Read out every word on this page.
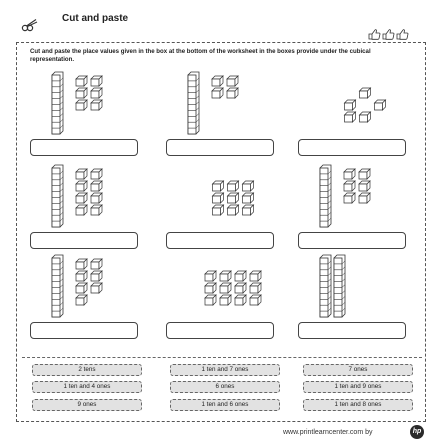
Cut and paste
Cut and paste the place values given in the box at the bottom of the worksheet in the boxes provide under the cubical representation.
2 tens	1 ten and 7 ones	7 ones
1 ten and 4 ones	6 ones	1 ten and 9 ones
9 ones	1 ten and 6 ones	1 ten and 8 ones
www.printlearncenter.com by	hp
